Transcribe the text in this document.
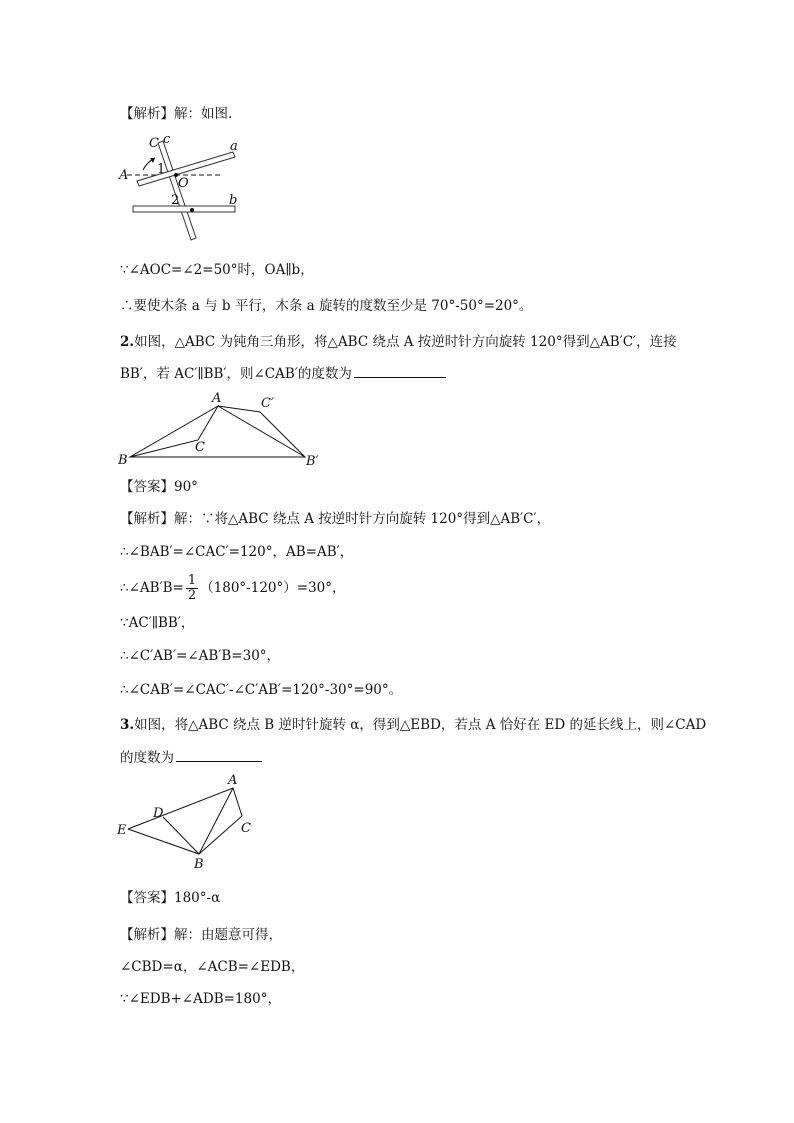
【解析】解：如图.
C c	a
A 1
O
2	b
∵∠AOC=∠2=50°时，OA∥b，
∴要使木条 a 与 b 平行，木条 a 旋转的度数至少是 70°-50°=20°。
2.如图，△ABC 为钝角三角形，将△ABC 绕点 A 按逆时针方向旋转 120°得到△AB′C′，连接
BB′，若 AC′∥BB′，则∠CAB′的度数为
A	C′
C
B	B′
【答案】90°
【解析】解：∵将△ABC 绕点 A 按逆时针方向旋转 120°得到△AB′C′，
∴∠BAB′=∠CAC′=120°，AB=AB′，
∴∠AB′B= $\frac{1}{2} (180^\circ-120^\circ)=30^\circ$，
∵AC′∥BB′，
∴∠C′AB′=∠AB′B=30°，
∴∠CAB′=∠CAC′-∠C′AB′=120°-30°=90°。
3.如图，将△ABC 绕点 B 逆时针旋转 α，得到△EBD，若点 A 恰好在 ED 的延长线上，则∠CAD
的度数为
A
D
C
E
B
【答案】180°-α
【解析】解：由题意可得，
∠CBD=α，∠ACB=∠EDB，
∵∠EDB+∠ADB=180°，
